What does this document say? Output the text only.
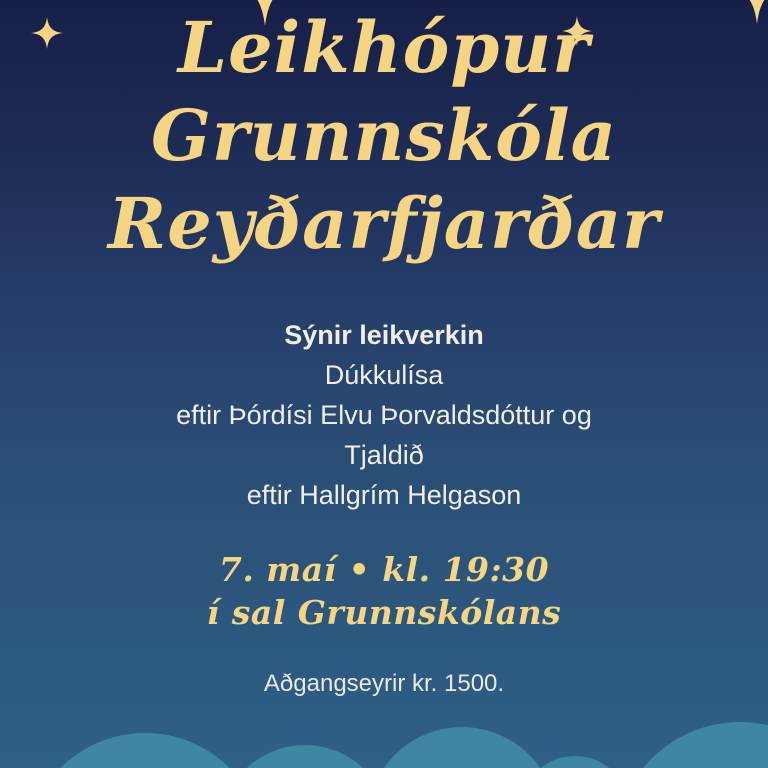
Leikhópur
Grunnskóla
Reyðarfjarðar
Sýnir leikverkin
Dúkkulísa
eftir Þórdísi Elvu Þorvaldsdóttur og
Tjaldið
eftir Hallgrím Helgason
7. maí • kl. 19:30
í sal Grunnskólans
Aðgangseyrir kr. 1500.
